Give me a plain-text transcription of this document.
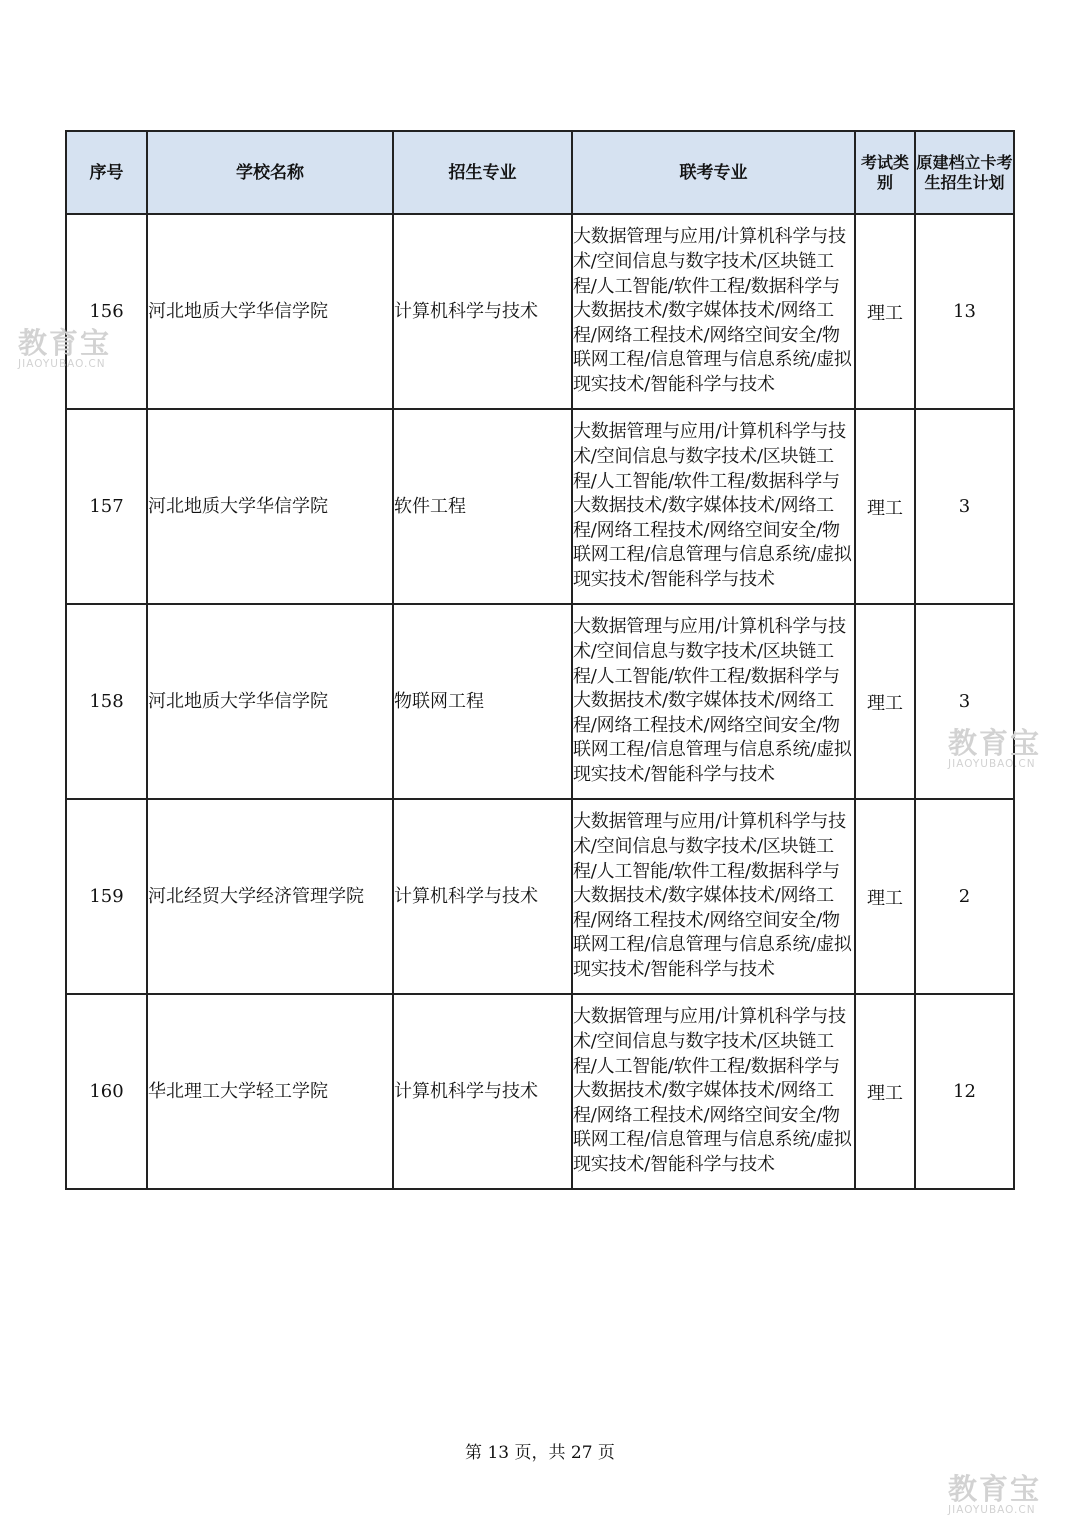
序号	学校名称	招生专业	联考专业	考试类别	原建档立卡考生招生计划
156	河北地质大学华信学院	计算机科学与技术	大数据管理与应用/计算机科学与技术/空间信息与数字技术/区块链工程/人工智能/软件工程/数据科学与大数据技术/数字媒体技术/网络工程/网络工程技术/网络空间安全/物联网工程/信息管理与信息系统/虚拟现实技术/智能科学与技术	理工	13
157	河北地质大学华信学院	软件工程	大数据管理与应用/计算机科学与技术/空间信息与数字技术/区块链工程/人工智能/软件工程/数据科学与大数据技术/数字媒体技术/网络工程/网络工程技术/网络空间安全/物联网工程/信息管理与信息系统/虚拟现实技术/智能科学与技术	理工	3
158	河北地质大学华信学院	物联网工程	大数据管理与应用/计算机科学与技术/空间信息与数字技术/区块链工程/人工智能/软件工程/数据科学与大数据技术/数字媒体技术/网络工程/网络工程技术/网络空间安全/物联网工程/信息管理与信息系统/虚拟现实技术/智能科学与技术	理工	3
159	河北经贸大学经济管理学院	计算机科学与技术	大数据管理与应用/计算机科学与技术/空间信息与数字技术/区块链工程/人工智能/软件工程/数据科学与大数据技术/数字媒体技术/网络工程/网络工程技术/网络空间安全/物联网工程/信息管理与信息系统/虚拟现实技术/智能科学与技术	理工	2
160	华北理工大学轻工学院	计算机科学与技术	大数据管理与应用/计算机科学与技术/空间信息与数字技术/区块链工程/人工智能/软件工程/数据科学与大数据技术/数字媒体技术/网络工程/网络工程技术/网络空间安全/物联网工程/信息管理与信息系统/虚拟现实技术/智能科学与技术	理工	12
第 13 页，共 27 页
教育宝
JIAOYUBAO.CN
教育宝
JIAOYUBAO.CN
教育宝
JIAOYUBAO.CN
